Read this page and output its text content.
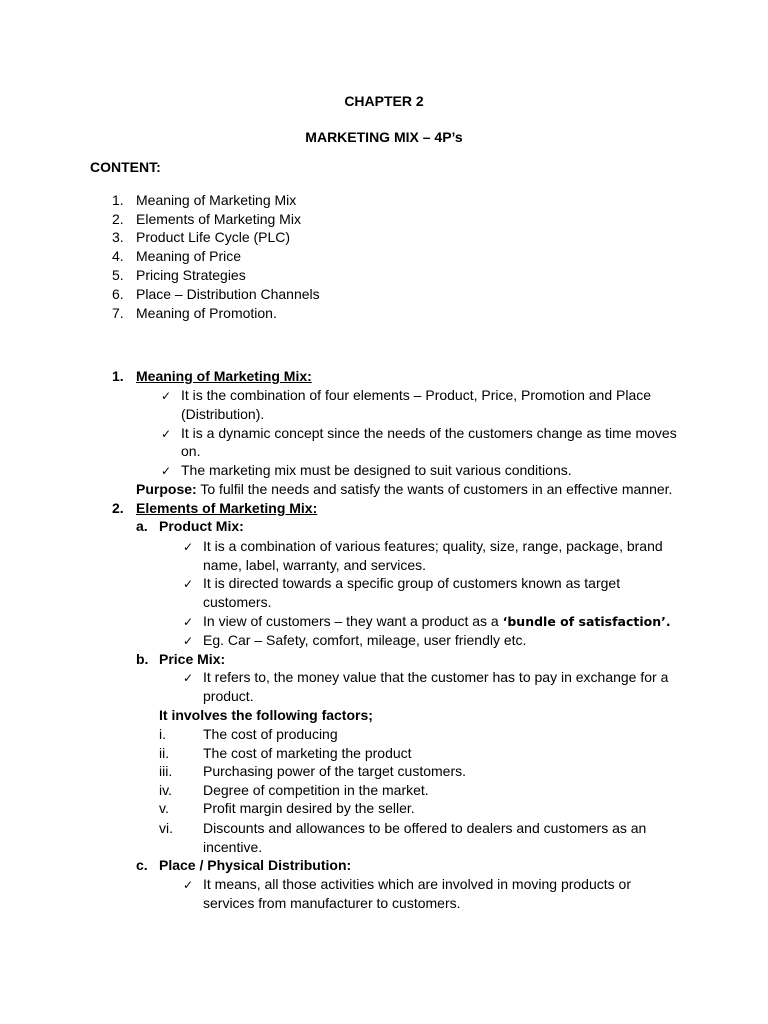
CHAPTER 2
MARKETING MIX – 4P’s
CONTENT:
1. Meaning of Marketing Mix
2. Elements of Marketing Mix
3. Product Life Cycle (PLC)
4. Meaning of Price
5. Pricing Strategies
6. Place – Distribution Channels
7. Meaning of Promotion.
1. Meaning of Marketing Mix:
✓ It is the combination of four elements – Product, Price, Promotion and Place
(Distribution).
✓ It is a dynamic concept since the needs of the customers change as time moves
on.
✓ The marketing mix must be designed to suit various conditions.
Purpose: To fulfil the needs and satisfy the wants of customers in an effective manner.
2. Elements of Marketing Mix:
a. Product Mix:
✓ It is a combination of various features; quality, size, range, package, brand
name, label, warranty, and services.
✓ It is directed towards a specific group of customers known as target
customers.
✓ In view of customers – they want a product as a ‘bundle of satisfaction’.
✓ Eg. Car – Safety, comfort, mileage, user friendly etc.
b. Price Mix:
✓ It refers to, the money value that the customer has to pay in exchange for a
product.
It involves the following factors;
i.	The cost of producing
ii. The cost of marketing the product
iii. Purchasing power of the target customers.
iv. Degree of competition in the market.
v. Profit margin desired by the seller.
vi. Discounts and allowances to be offered to dealers and customers as an
incentive.
c. Place / Physical Distribution:
✓ It means, all those activities which are involved in moving products or
services from manufacturer to customers.
